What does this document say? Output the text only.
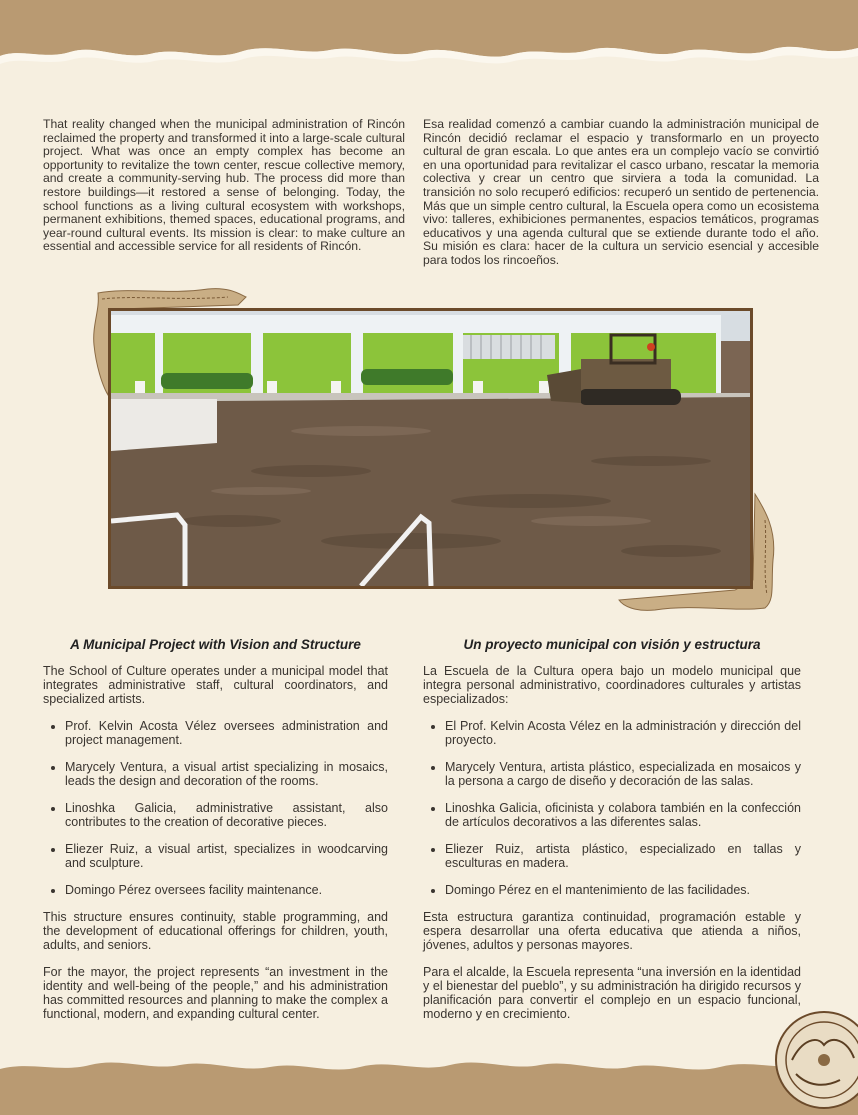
That reality changed when the municipal administration of Rincón reclaimed the property and transformed it into a large-scale cultural project. What was once an empty complex has become an opportunity to revitalize the town center, rescue collective memory, and create a community-serving hub. The process did more than restore buildings—it restored a sense of belonging. Today, the school functions as a living cultural ecosystem with workshops, permanent exhibitions, themed spaces, educational programs, and year-round cultural events. Its mission is clear: to make culture an essential and accessible service for all residents of Rincón.

Esa realidad comenzó a cambiar cuando la administración municipal de Rincón decidió reclamar el espacio y transformarlo en un proyecto cultural de gran escala. Lo que antes era un complejo vacío se convirtió en una oportunidad para revitalizar el casco urbano, rescatar la memoria colectiva y crear un centro que sirviera a toda la comunidad. La transición no solo recuperó edificios: recuperó un sentido de pertenencia. Más que un simple centro cultural, la Escuela opera como un ecosistema vivo: talleres, exhibiciones permanentes, espacios temáticos, programas educativos y una agenda cultural que se extiende durante todo el año. Su misión es clara: hacer de la cultura un servicio esencial y accesible para todos los rincoeños.

A Municipal Project with Vision and Structure	Un proyecto municipal con visión y estructura

The School of Culture operates under a municipal model that integrates administrative staff, cultural coordinators, and specialized artists.

• Prof. Kelvin Acosta Vélez oversees administration and project management.
• Marycely Ventura, a visual artist specializing in mosaics, leads the design and decoration of the rooms.
• Linoshka Galicia, administrative assistant, also contributes to the creation of decorative pieces.
• Eliezer Ruiz, a visual artist, specializes in woodcarving and sculpture.
• Domingo Pérez oversees facility maintenance.

This structure ensures continuity, stable programming, and the development of educational offerings for children, youth, adults, and seniors.

For the mayor, the project represents “an investment in the identity and well-being of the people,” and his administration has committed resources and planning to make the complex a functional, modern, and expanding cultural center.

La Escuela de la Cultura opera bajo un modelo municipal que integra personal administrativo, coordinadores culturales y artistas especializados:

• El Prof. Kelvin Acosta Vélez en la administración y dirección del proyecto.
• Marycely Ventura, artista plástico, especializada en mosaicos y la persona a cargo de diseño y decoración de las salas.
• Linoshka Galicia, oficinista y colabora también en la confección de artículos decorativos a las diferentes salas.
• Eliezer Ruiz, artista plástico, especializado en tallas y esculturas en madera.
• Domingo Pérez en el mantenimiento de las facilidades.

Esta estructura garantiza continuidad, programación estable y espera desarrollar una oferta educativa que atienda a niños, jóvenes, adultos y personas mayores.

Para el alcalde, la Escuela representa “una inversión en la identidad y el bienestar del pueblo”, y su administración ha dirigido recursos y planificación para convertir el complejo en un espacio funcional, moderno y en crecimiento.
